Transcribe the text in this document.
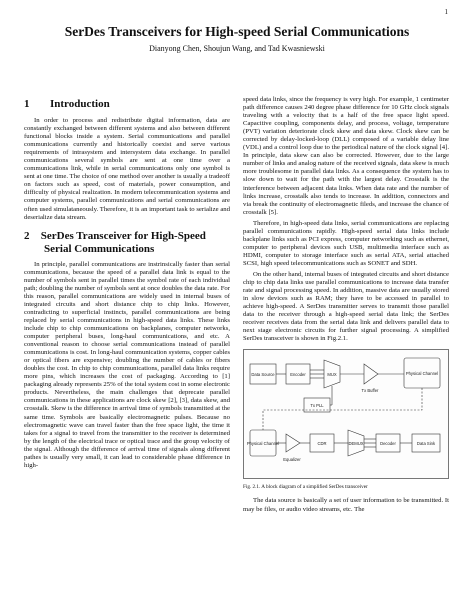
1
SerDes Transceivers for High-speed Serial Communications
Dianyong Chen, Shoujun Wang, and Tad Kwasniewski
1 Introduction

In order to process and redistribute digital information, data are constantly exchanged between different systems and also between different functional blocks inside a system. Serial communications and parallel communications currently and historically coexist and serve various requirements of intrasystem and intersystem data exchange. In parallel communications several symbols are sent at one time over a communications link, while in serial communications only one symbol is sent at one time. The choice of one method over another is usually a tradeoff on factors such as speed, cost of materials, power consumption, and difficulty of physical realization. In modern telecommunication systems and computer systems, parallel communications and serial communications are often used simulataneously. Therefore, it is an important task to serialize and deserialize data stream.

2 SerDes Transceiver for High-Speed
Serial Communications

In principle, parallel communications are instrinsically faster than serial communications, because the speed of a parallel data link is equal to the number of symbols sent in parallel times the symbol rate of each individual path; doubling the number of symbols sent at once doubles the data rate. For this reason, parallel communications are widely used in internal buses of integrated circuits and short distance chip to chip links. However, contradicting to superficial instincts, parallel communications are being replaced by serial communications in high-speed data links. These links include chip to chip communications on backplanes, computer networks, computer peripheral buses, long-haul communications, and etc. A conventional reason to choose serial communications instead of parallel communications is cost. In long-haul communication systems, copper cables or optical fibers are expensive; doubling the number of cables or fibers doubles the cost. In chip to chip communications, parallel data links require more pins, which increases the cost of packaging. According to [1] packaging already represents 25% of the total system cost in some electronic products. Nevertheless, the main challenges that deprecate parallel communications in these applications are clock skew [2], [3], data skew, and crosstalk. Skew is the difference in arrival time of symbols transmitted at the same time. Symbols are basically electromagnetic pulses. Because no electromagnetic wave can travel faster than the free space light, the time it takes for a signal to travel from the transmitter to the receiver is determined by the length of the electrical trace or optical trace and the group velocity of the signal. Although the difference of arrival time of signals along different pathes is usually very small, it can lead to considerable phase difference in high-

speed data links, since the frequency is very high. For example, 1 centimeter path difference causes 240 degree phase difference for 10 GHz clock signals traveling with a velocity that is a half of the free space light speed. Capacitive coupling, components delay, and process, voltage, temperature (PVT) variation deteriorate clock skew and data skew. Clock skew can be corrected by delay-locked-loop (DLL) composed of a variable delay line (VDL) and a control loop due to the periodical nature of the clock signal [4]. In principle, data skew can also be corrected. However, due to the large number of links and analog nature of the received signals, data skew is much more troublesome in parallel data links. As a consequence the system has to slow down to wait for the path with the largest delay. Crosstalk is the interference between adjacent data links. When data rate and the number of links increase, crosstalk also tends to increase. In addition, connectors and via break the continuity of electromagnetic fileds, and increase the chance of crosstalk [5].

Therefore, in high-speed data links, serial communications are replacing parallel communications rapidly. High-speed serial data links include backplane links such as PCI express, computer networking such as ethernet, computer to peripheral devices such USB, multimedia interface such as HDMI, computer to storage interface such as serial ATA, serial attached SCSI, high speed telecommunications such as SONET and SDH.

On the other hand, internal buses of integrated circuits and short distance chip to chip data links use parallel communications to increase data transfer rate and signal processing speed. In addition, massive data are usually stored in slow devices such as RAM; they have to be accessed in parallel to achieve high-speed. A SerDes transmitter serves to transmit those parallel data to the receiver through a high-speed serial data link; the SerDes receiver receives data from the serial data link and delivers parallel data to next stage electronic circuits for further signal processing. A simplified SerDes transceiver is shown in Fig.2.1.

Data Source	Encoder	MUX
Tx Buffer
Physical Channel
Tx PLL
Physical Channel
Equalizer
CDR	DEMUX	Decoder	Data Sink
Fig. 2.1. A block diagram of a simplified SerDes transceiver

The data source is basically a set of user information to be transmitted. It may be files, or audio video streams, etc. The
